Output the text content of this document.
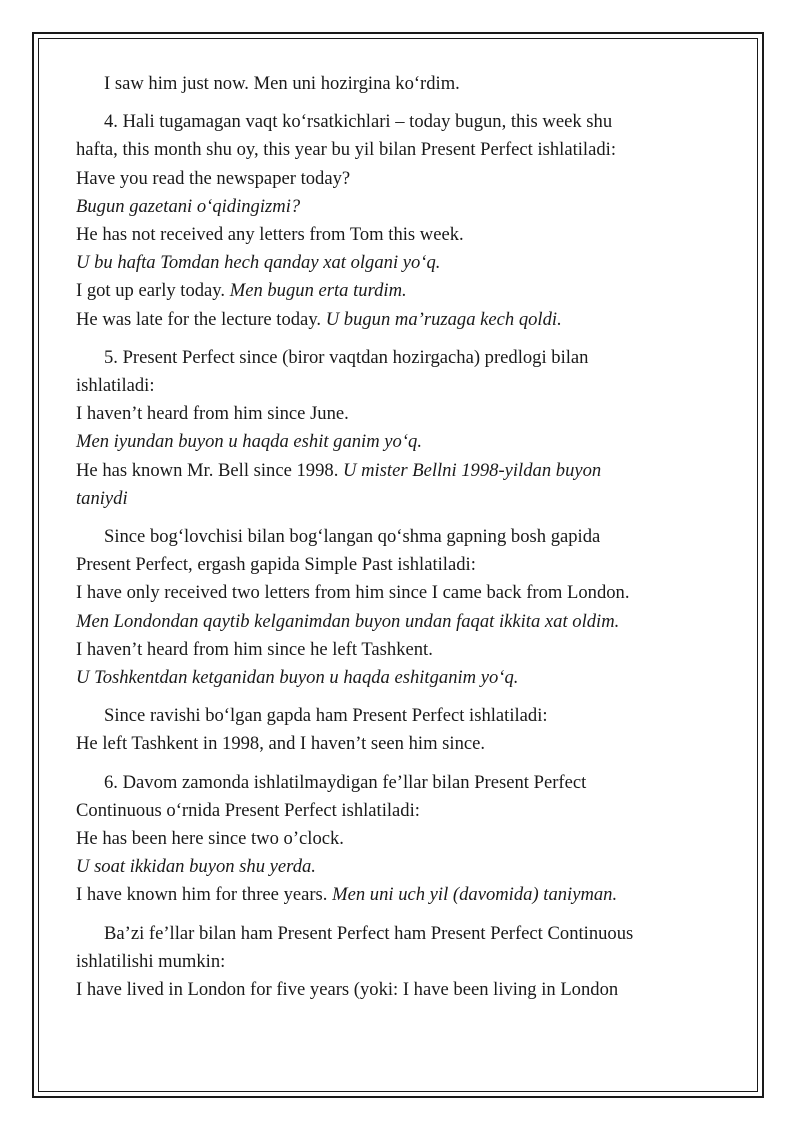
I saw him just now. Men uni hozirgina ko‘rdim.

4. Hali tugamagan vaqt ko‘rsatkichlari – today bugun, this week shu

hafta, this month shu oy, this year bu yil bilan Present Perfect ishlatiladi:

Have you read the newspaper today?

Bugun gazetani o‘qidingizmi?

He has not received any letters from Tom this week.

U bu hafta Tomdan hech qanday xat olgani yo‘q.

I got up early today. Men bugun erta turdim.

He was late for the lecture today. U bugun ma’ruzaga kech qoldi.

5. Present Perfect since (biror vaqtdan hozirgacha) predlogi bilan

ishlatiladi:

I haven’t heard from him since June.

Men iyundan buyon u haqda eshit ganim yo‘q.

He has known Mr. Bell since 1998. U mister Bellni 1998-yildan buyon

taniydi

Since bog‘lovchisi bilan bog‘langan qo‘shma gapning bosh gapida

Present Perfect, ergash gapida Simple Past ishlatiladi:

I have only received two letters from him since I came back from London.

Men Londondan qaytib kelganimdan buyon undan faqat ikkita xat oldim.

I haven’t heard from him since he left Tashkent.

U Toshkentdan ketganidan buyon u haqda eshitganim yo‘q.

Since ravishi bo‘lgan gapda ham Present Perfect ishlatiladi:

He left Tashkent in 1998, and I haven’t seen him since.

6. Davom zamonda ishlatilmaydigan fe’llar bilan Present Perfect

Continuous o‘rnida Present Perfect ishlatiladi:

He has been here since two o’clock.

U soat ikkidan buyon shu yerda.

I have known him for three years. Men uni uch yil (davomida) taniyman.

Ba’zi fe’llar bilan ham Present Perfect ham Present Perfect Continuous

ishlatilishi mumkin:

I have lived in London for five years (yoki: I have been living in London
